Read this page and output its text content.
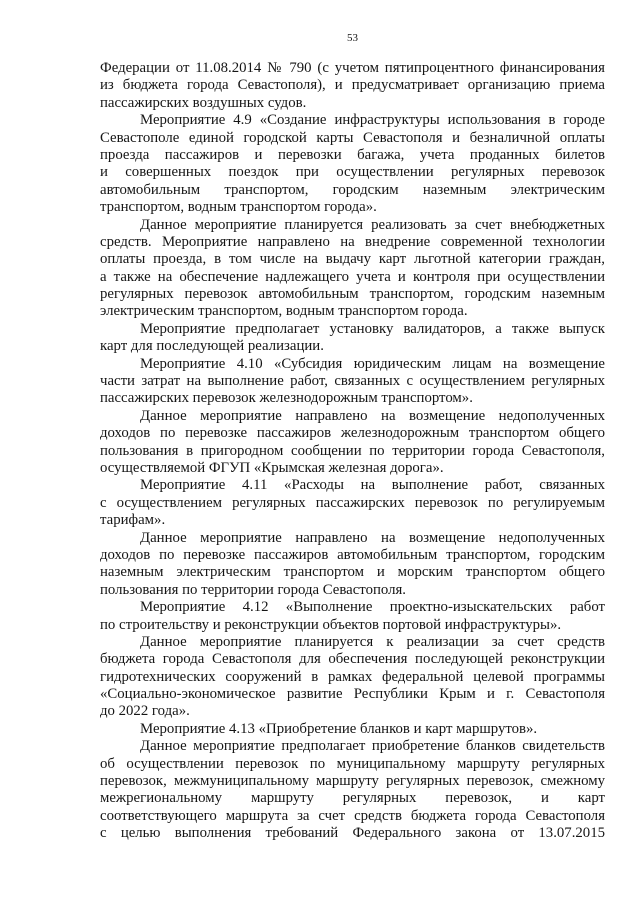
53
Федерации от 11.08.2014 № 790 (с учетом пятипроцентного финансирования
из бюджета города Севастополя), и предусматривает организацию приема
пассажирских воздушных судов.
Мероприятие 4.9 «Создание инфраструктуры использования в городе
Севастополе единой городской карты Севастополя и безналичной оплаты
проезда пассажиров и перевозки багажа, учета проданных билетов
и совершенных поездок при осуществлении регулярных перевозок
автомобильным транспортом, городским наземным электрическим
транспортом, водным транспортом города».
Данное мероприятие планируется реализовать за счет внебюджетных
средств. Мероприятие направлено на внедрение современной технологии
оплаты проезда, в том числе на выдачу карт льготной категории граждан,
а также на обеспечение надлежащего учета и контроля при осуществлении
регулярных перевозок автомобильным транспортом, городским наземным
электрическим транспортом, водным транспортом города.
Мероприятие предполагает установку валидаторов, а также выпуск
карт для последующей реализации.
Мероприятие 4.10 «Субсидия юридическим лицам на возмещение
части затрат на выполнение работ, связанных с осуществлением регулярных
пассажирских перевозок железнодорожным транспортом».
Данное мероприятие направлено на возмещение недополученных
доходов по перевозке пассажиров железнодорожным транспортом общего
пользования в пригородном сообщении по территории города Севастополя,
осуществляемой ФГУП «Крымская железная дорога».
Мероприятие 4.11 «Расходы на выполнение работ, связанных
с осуществлением регулярных пассажирских перевозок по регулируемым
тарифам».
Данное мероприятие направлено на возмещение недополученных
доходов по перевозке пассажиров автомобильным транспортом, городским
наземным электрическим транспортом и морским транспортом общего
пользования по территории города Севастополя.
Мероприятие 4.12 «Выполнение проектно-изыскательских работ
по строительству и реконструкции объектов портовой инфраструктуры».
Данное мероприятие планируется к реализации за счет средств
бюджета города Севастополя для обеспечения последующей реконструкции
гидротехнических сооружений в рамках федеральной целевой программы
«Социально-экономическое развитие Республики Крым и г. Севастополя
до 2022 года».
Мероприятие 4.13 «Приобретение бланков и карт маршрутов».
Данное мероприятие предполагает приобретение бланков свидетельств
об осуществлении перевозок по муниципальному маршруту регулярных
перевозок, межмуниципальному маршруту регулярных перевозок, смежному
межрегиональному маршруту регулярных перевозок, и карт
соответствующего маршрута за счет средств бюджета города Севастополя
с целью выполнения требований Федерального закона от 13.07.2015
